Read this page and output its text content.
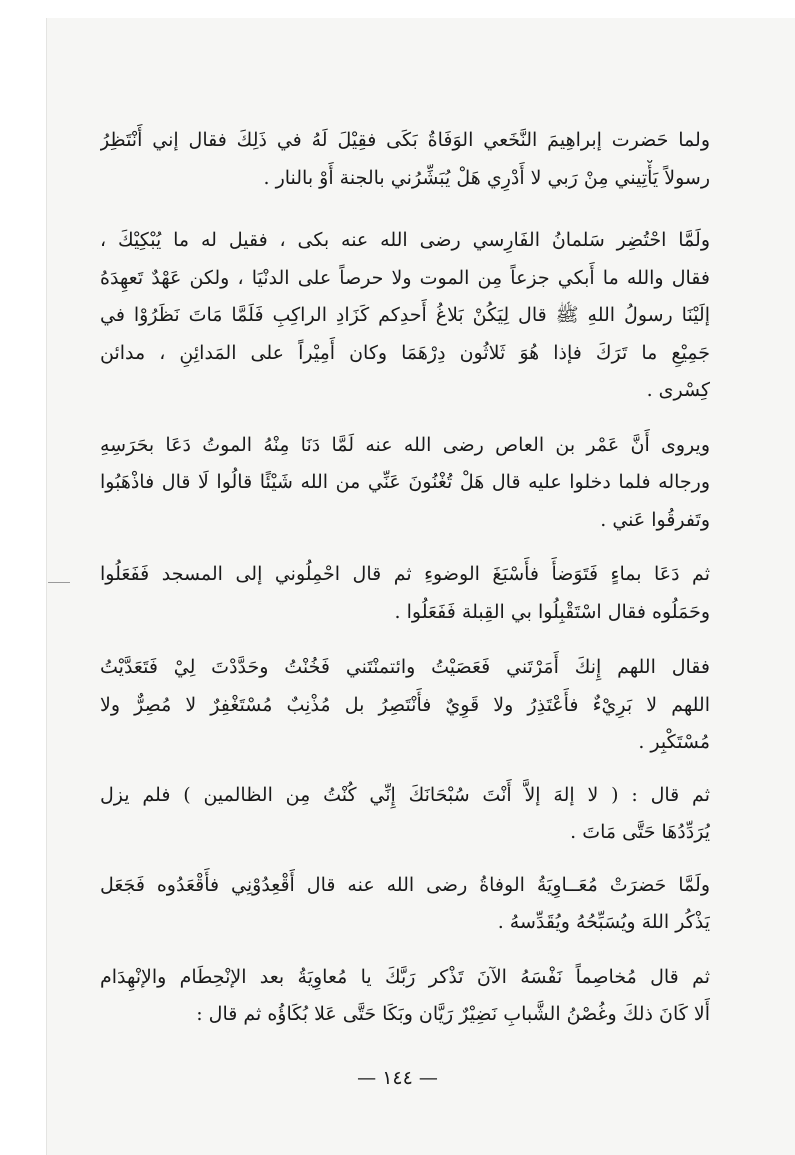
ولما حَضرت إبراهِيمَ النَّخَعي الوَفَاةُ بَكَى فقِيْلَ لَهُ في ذَلِكَ فقال إني أَنْتَظِرُ
رسولاً يَأْتِيني مِنْ رَبي لا أَدْرِي هَلْ يُبَشِّرُني بالجنة أَوْ بالنار .
ولَمَّا احْتُضِر سَلمانُ الفَارِسي رضى الله عنه بكى ، فقيل له ما يُبْكِيْكَ ،
فقال والله ما أَبكي جزعاً مِن الموت ولا حرصاً على الدنْيَا ، ولكن عَهْدٌ تَعهِدَهُ
إلَيْنَا رسولُ اللهِ ﷺ قال لِيَكُنْ بَلاغُ أَحدِكم كَزَادِ الراكِبِ فَلَمَّا مَاتَ نَظَرُوْا في
جَمِيْعِ ما تَرَكَ فإذا هُوَ ثَلاثُون دِرْهَمَا وكان أَمِيْراً على المَدائِنِ ، مدائن
كِسْرى .
ويروى أَنَّ عَمْر بن العاص رضى الله عنه لَمَّا دَنَا مِنْهُ الموتُ دَعَا بحَرَسِهِ
ورجاله فلما دخلوا عليه قال هَلْ تُغْنُونَ عَنِّي من الله شَيْئًا قالُوا لَا قال فاذْهَبُوا
وتَفرقُوا عَني .
ثم دَعَا بماءٍ فَتَوَضأَ فأَسْبَغَ الوضوءِ ثم قال احْمِلُوني إلى المسجد فَفَعَلُوا
وحَمَلُوه فقال اسْتَقْبِلُوا بي القِبلة فَفَعَلُوا .
فقال اللهم إِنكَ أَمَرْتَني فَعَصَيْتُ وائتمنْتَني فَخُنْتُ وحَدَّدْتَ لِيْ فَتَعَدَّيْتُ
اللهم لا بَرِيْءٌ فأَعْتَذِرُ ولا قَوِيٌ فأَنْتَصِرُ بل مُذْنِبٌ مُسْتَغْفِرٌ لا مُصِرٌّ ولا
مُسْتَكْبِر .
ثم قال : ( لا إلهَ إلاَّ أَنْتَ سُبْحَانَكَ إِنِّي كُنْتُ مِن الظالمين ) فلم يزل
يُرَدِّدُهَا حَتَّى مَاتَ .
ولَمَّا حَضرَتْ مُعَــاوِيَةُ الوفاةُ رضى الله عنه قال أَقْعِدُوْنِي فأَقْعَدُوه فَجَعَل
يَذْكُر اللهَ ويُسَبِّحُهُ ويُقَدِّسهُ .
ثم قال مُخاصِماً نَفْسَهُ الآنَ تَذْكر رَبَّكَ يا مُعاوِيَةُ بعد الإنْحِطَام والإنْهِدَام
أَلا كَانَ ذلكَ وغُصْنُ الشَّبابِ نَضِيْرٌ رَيَّان وبَكَا حَتَّى عَلا بُكَاؤُه ثم قال :
— ١٤٤ —
